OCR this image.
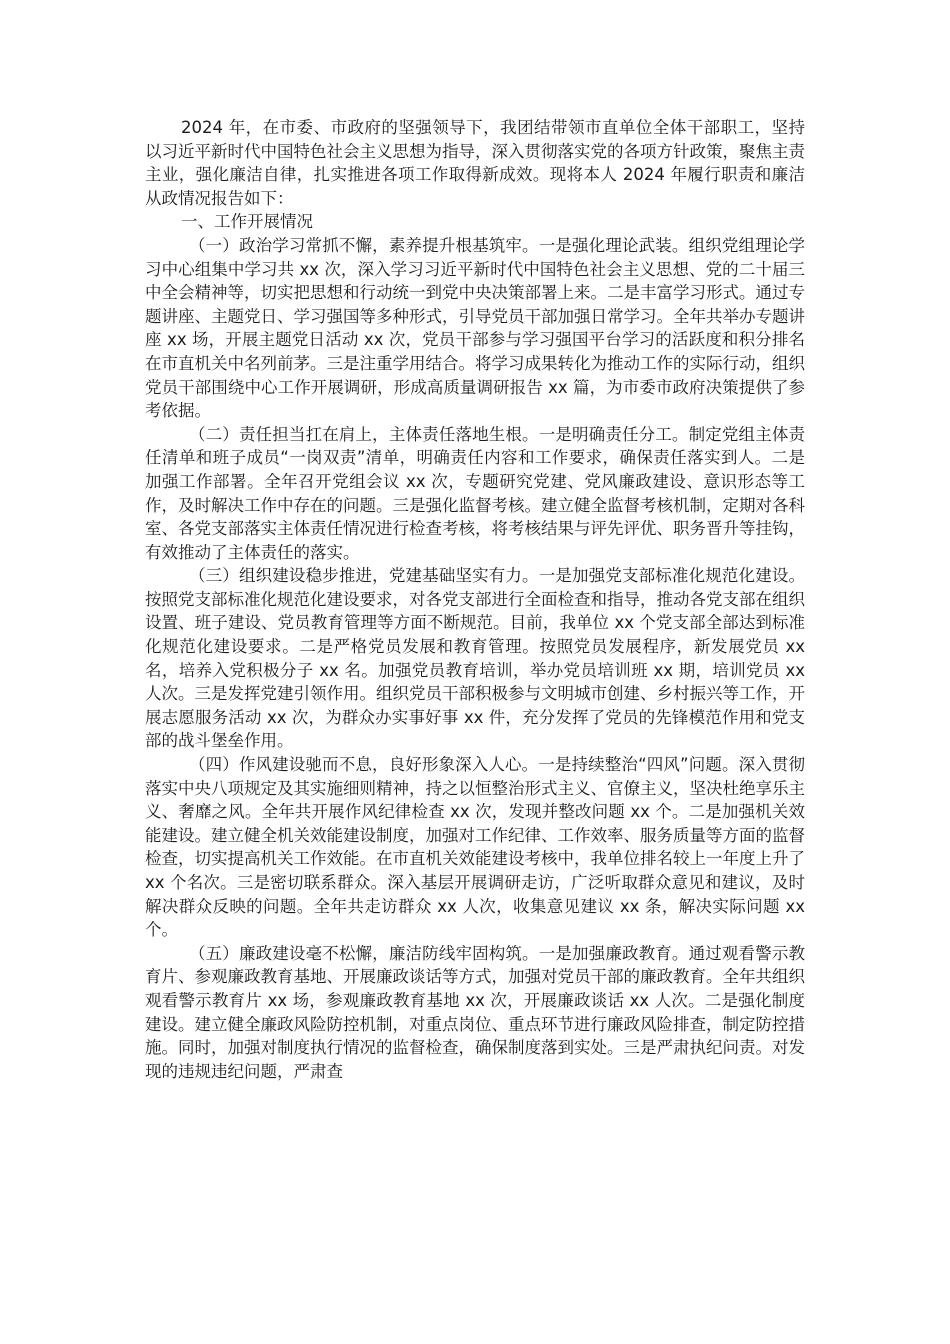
2024 年，在市委、市政府的坚强领导下，我团结带领市直单位全体干部职工，坚持以习近平新时代中国特色社会主义思想为指导，深入贯彻落实党的各项方针政策，聚焦主责主业，强化廉洁自律，扎实推进各项工作取得新成效。现将本人 2024 年履行职责和廉洁从政情况报告如下：

一、工作开展情况

（一）政治学习常抓不懈，素养提升根基筑牢。一是强化理论武装。组织党组理论学习中心组集中学习共 xx 次，深入学习习近平新时代中国特色社会主义思想、党的二十届三中全会精神等，切实把思想和行动统一到党中央决策部署上来。二是丰富学习形式。通过专题讲座、主题党日、学习强国等多种形式，引导党员干部加强日常学习。全年共举办专题讲座 xx 场，开展主题党日活动 xx 次，党员干部参与学习强国平台学习的活跃度和积分排名在市直机关中名列前茅。三是注重学用结合。将学习成果转化为推动工作的实际行动，组织党员干部围绕中心工作开展调研，形成高质量调研报告 xx 篇，为市委市政府决策提供了参考依据。

（二）责任担当扛在肩上，主体责任落地生根。一是明确责任分工。制定党组主体责任清单和班子成员“一岗双责”清单，明确责任内容和工作要求，确保责任落实到人。二是加强工作部署。全年召开党组会议 xx 次，专题研究党建、党风廉政建设、意识形态等工作，及时解决工作中存在的问题。三是强化监督考核。建立健全监督考核机制，定期对各科室、各党支部落实主体责任情况进行检查考核，将考核结果与评先评优、职务晋升等挂钩，有效推动了主体责任的落实。

（三）组织建设稳步推进，党建基础坚实有力。一是加强党支部标准化规范化建设。按照党支部标准化规范化建设要求，对各党支部进行全面检查和指导，推动各党支部在组织设置、班子建设、党员教育管理等方面不断规范。目前，我单位 xx 个党支部全部达到标准化规范化建设要求。二是严格党员发展和教育管理。按照党员发展程序，新发展党员 xx 名，培养入党积极分子 xx 名。加强党员教育培训，举办党员培训班 xx 期，培训党员 xx 人次。三是发挥党建引领作用。组织党员干部积极参与文明城市创建、乡村振兴等工作，开展志愿服务活动 xx 次，为群众办实事好事 xx 件，充分发挥了党员的先锋模范作用和党支部的战斗堡垒作用。

（四）作风建设驰而不息，良好形象深入人心。一是持续整治“四风”问题。深入贯彻落实中央八项规定及其实施细则精神，持之以恒整治形式主义、官僚主义，坚决杜绝享乐主义、奢靡之风。全年共开展作风纪律检查 xx 次，发现并整改问题 xx 个。二是加强机关效能建设。建立健全机关效能建设制度，加强对工作纪律、工作效率、服务质量等方面的监督检查，切实提高机关工作效能。在市直机关效能建设考核中，我单位排名较上一年度上升了 xx 个名次。三是密切联系群众。深入基层开展调研走访，广泛听取群众意见和建议，及时解决群众反映的问题。全年共走访群众 xx 人次，收集意见建议 xx 条，解决实际问题 xx 个。

（五）廉政建设毫不松懈，廉洁防线牢固构筑。一是加强廉政教育。通过观看警示教育片、参观廉政教育基地、开展廉政谈话等方式，加强对党员干部的廉政教育。全年共组织观看警示教育片 xx 场，参观廉政教育基地 xx 次，开展廉政谈话 xx 人次。二是强化制度建设。建立健全廉政风险防控机制，对重点岗位、重点环节进行廉政风险排查，制定防控措施。同时，加强对制度执行情况的监督检查，确保制度落到实处。三是严肃执纪问责。对发现的违规违纪问题，严肃查
